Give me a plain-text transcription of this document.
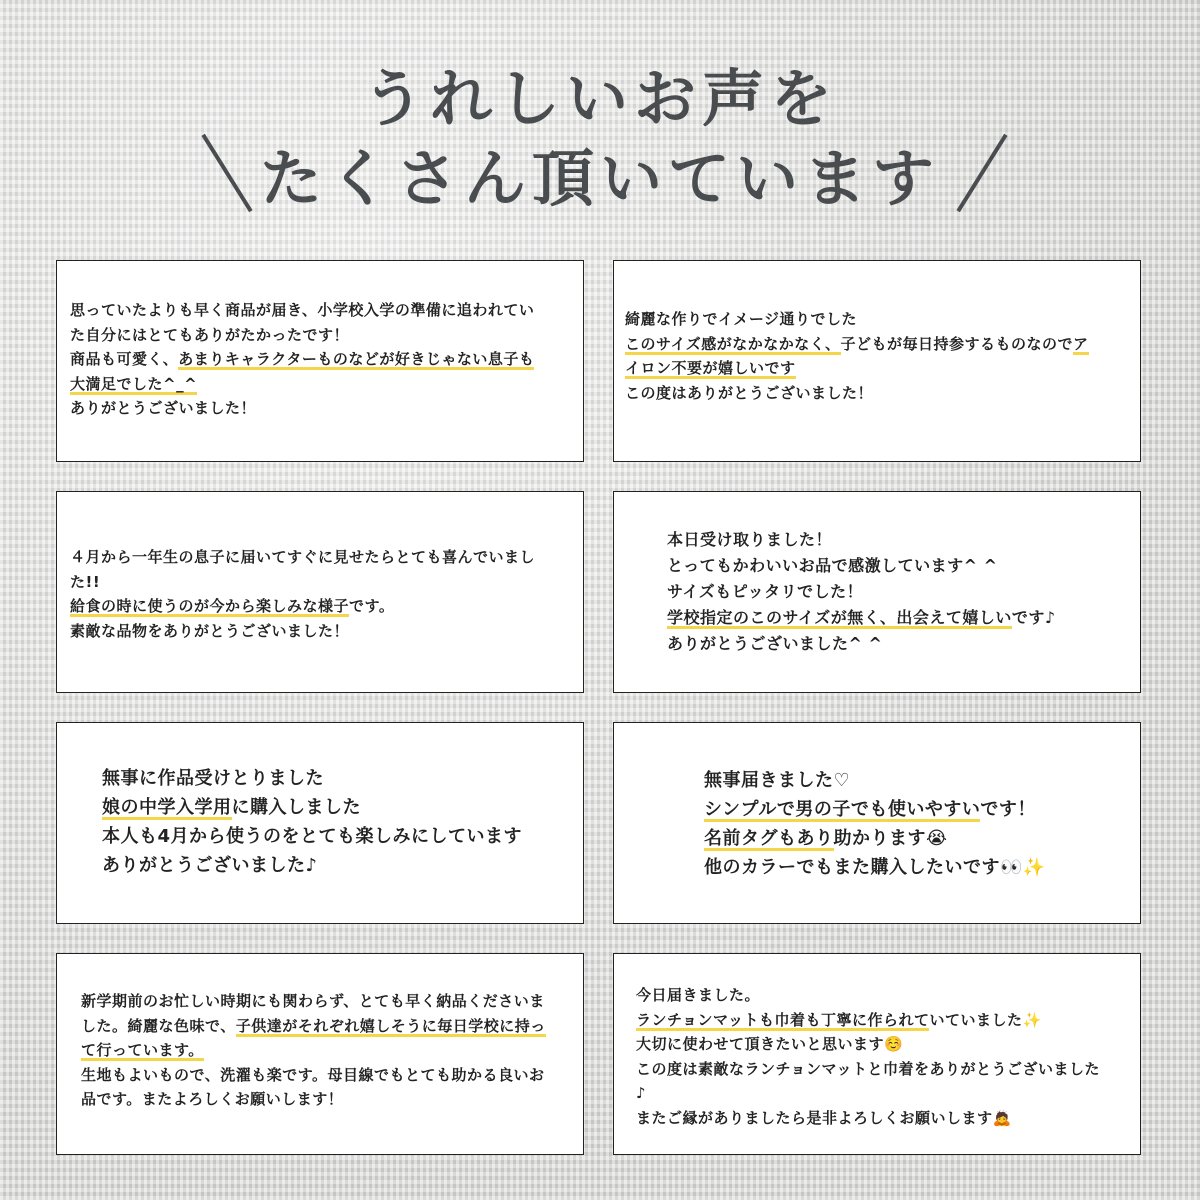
うれしいお声を
たくさん頂いています
思っていたよりも早く商品が届き、小学校入学の準備に追われてい
た自分にはとてもありがたかったです！
商品も可愛く、あまりキャラクターものなどが好きじゃない息子も
大満足でした^_^
ありがとうございました！
綺麗な作りでイメージ通りでした
このサイズ感がなかなかなく、子どもが毎日持参するものなのでア
イロン不要が嬉しいです
この度はありがとうございました！
４月から一年生の息子に届いてすぐに見せたらとても喜んでいまし
た!!
給食の時に使うのが今から楽しみな様子です。
素敵な品物をありがとうございました！
本日受け取りました！
とってもかわいいお品で感激しています^ ^
サイズもピッタリでした！
学校指定のこのサイズが無く、出会えて嬉しいです♪
ありがとうございました^ ^
無事に作品受けとりました
娘の中学入学用に購入しました
本人も4月から使うのをとても楽しみにしています
ありがとうございました♪
無事届きました♡
シンプルで男の子でも使いやすいです！
名前タグもあり助かります😭
他のカラーでもまた購入したいです👀✨
新学期前のお忙しい時期にも関わらず、とても早く納品くださいま
した。綺麗な色味で、子供達がそれぞれ嬉しそうに毎日学校に持っ
て行っています。
生地もよいもので、洗濯も楽です。母目線でもとても助かる良いお
品です。またよろしくお願いします！
今日届きました。
ランチョンマットも巾着も丁寧に作られていていました✨
大切に使わせて頂きたいと思います☺️
この度は素敵なランチョンマットと巾着をありがとうございました
♪
またご縁がありましたら是非よろしくお願いします🙇
